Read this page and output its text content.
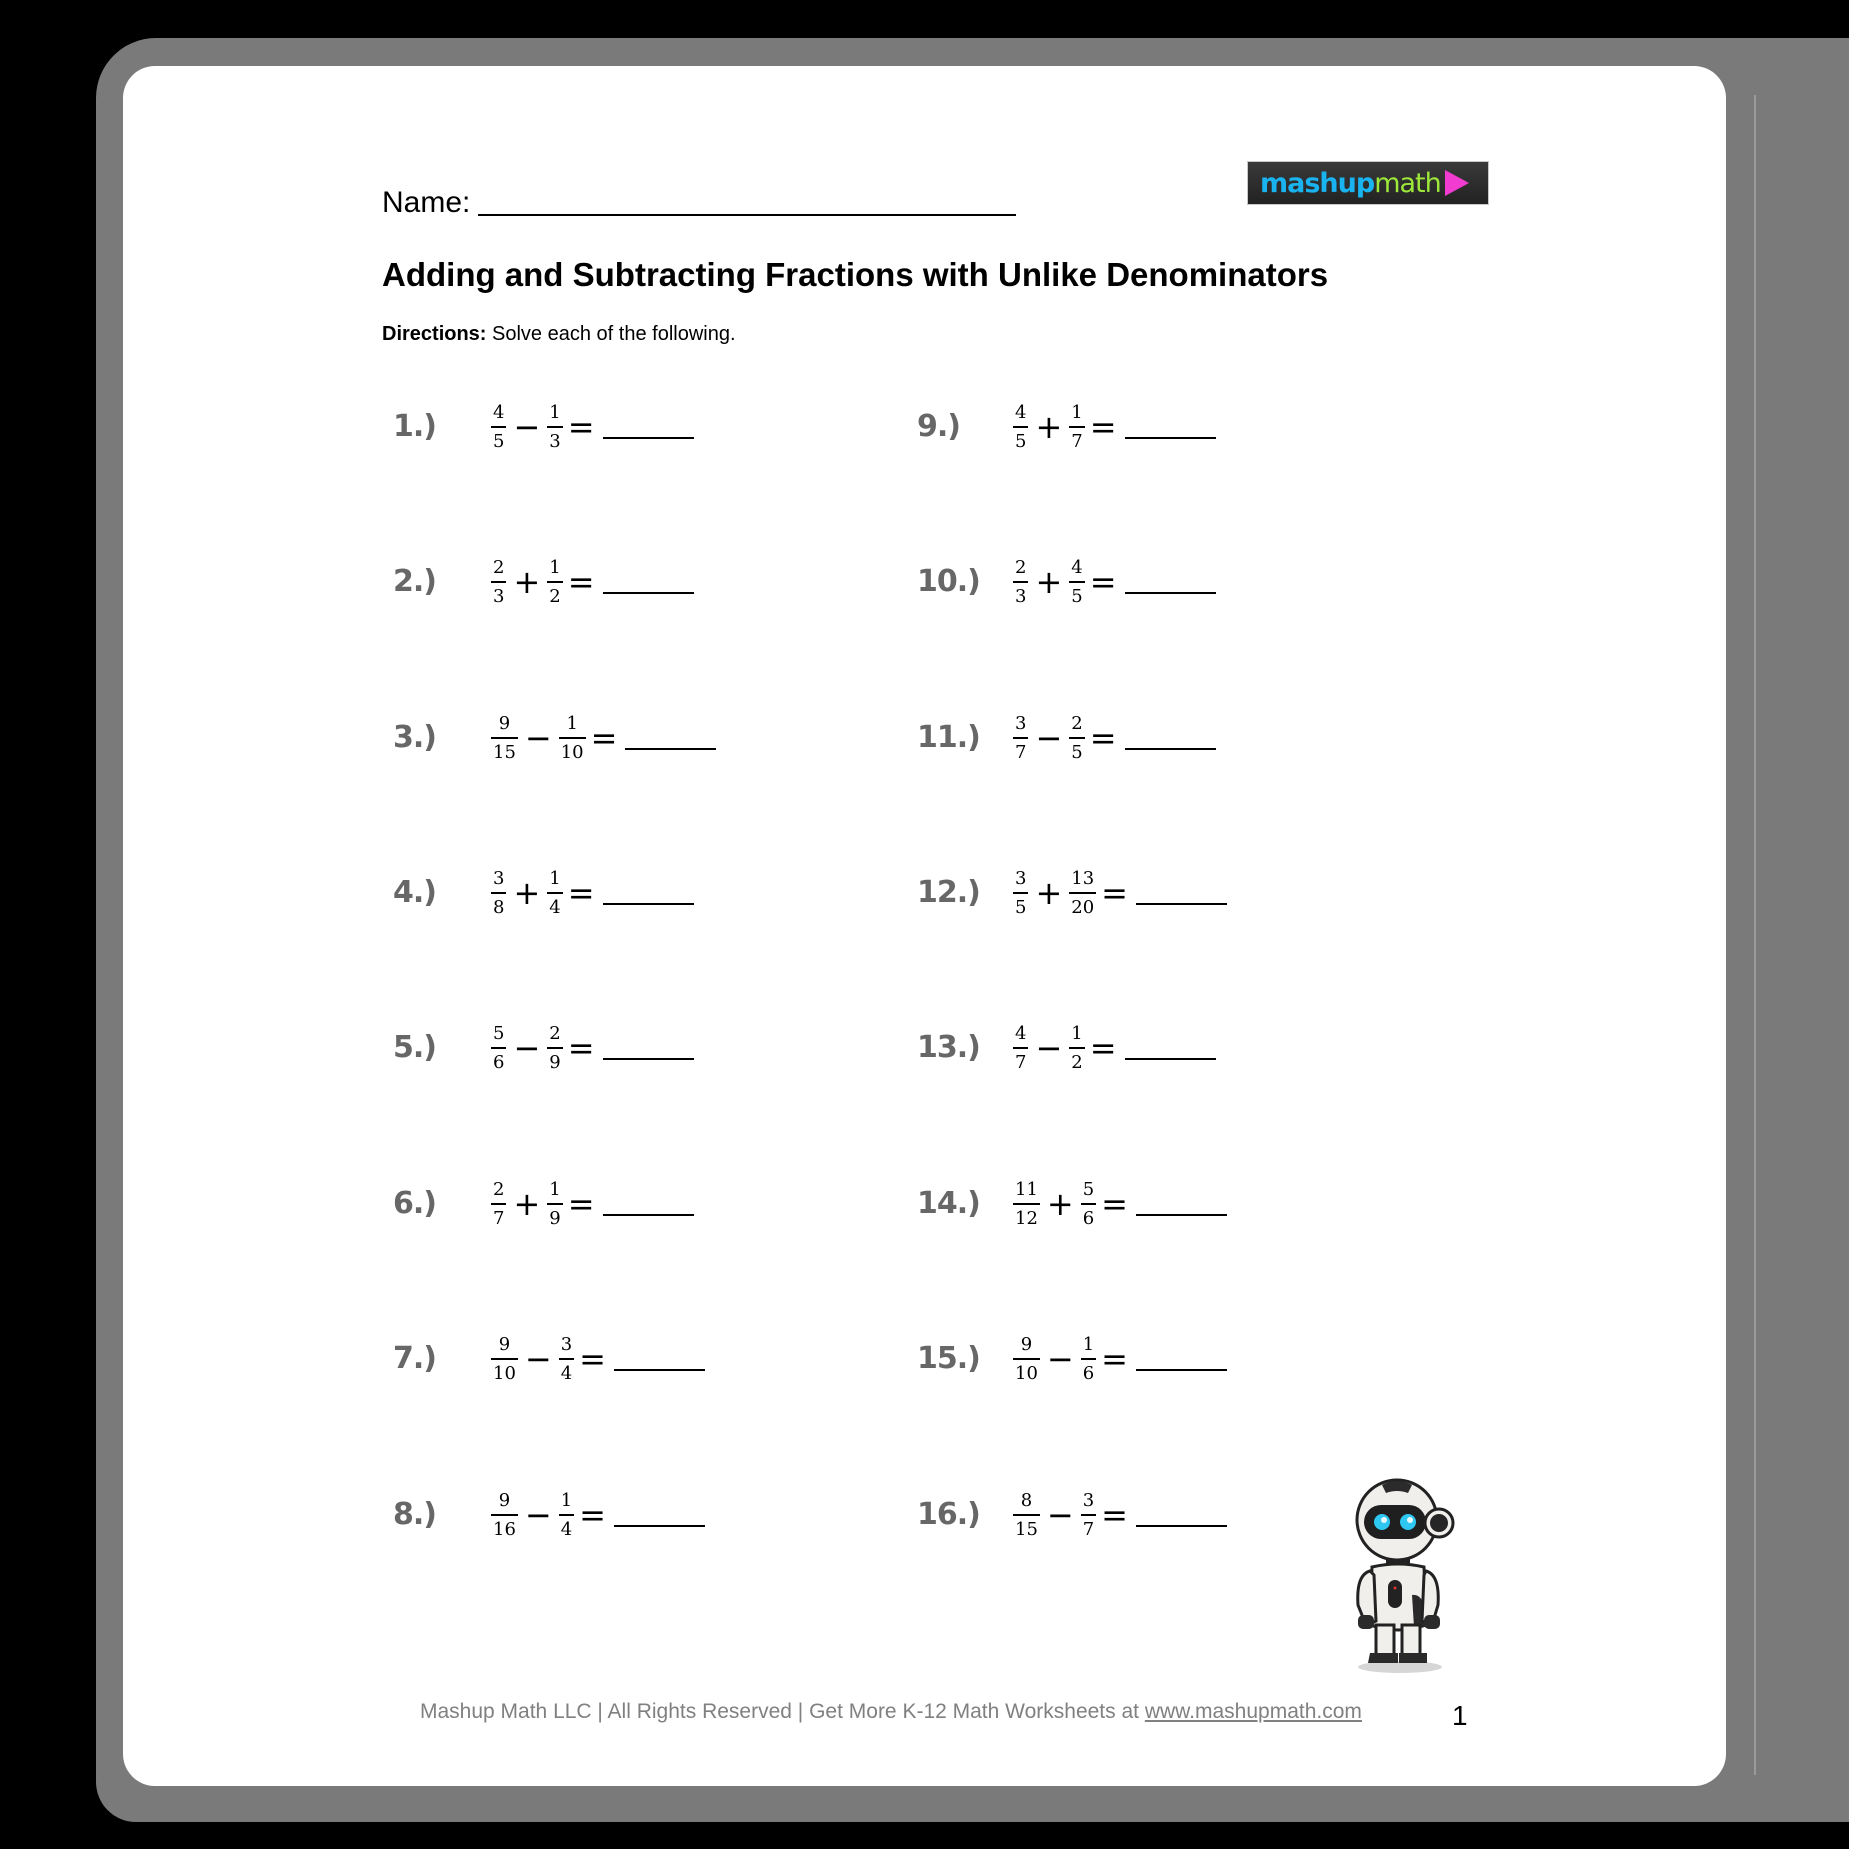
Name:
mashup math
Adding and Subtracting Fractions with Unlike Denominators
Directions: Solve each of the following.
1.)	$\frac{4}{5} - \frac{1}{3}$ =
2.)	$\frac{2}{3} + \frac{1}{2}$ =
3.)	$\frac{9}{15} - \frac{1}{10}$ =
4.)	$\frac{3}{8} + \frac{1}{4}$ =
5.)	$\frac{5}{6} - \frac{2}{9}$ =
6.)	$\frac{2}{7} + \frac{1}{9}$ =
7.)	$\frac{9}{10} - \frac{3}{4}$ =
8.)	$\frac{9}{16} - \frac{1}{4}$ =
9.)	$\frac{4}{5} + \frac{1}{7}$ =
$10.) \frac{2}{3} + \frac{4}{5}$ =
$11.) \frac{3}{7} - \frac{2}{5}$ =
$12.) \frac{3}{5} + \frac{13}{20}$ =
$13.) \frac{4}{7} - \frac{1}{2}$ =
$14.) \frac{11}{12} + \frac{5}{6}$ =
$15.) \frac{9}{10} - \frac{1}{6}$ =
$16.) \frac{8}{15} - \frac{3}{7}$ =
Mashup Math LLC | All Rights Reserved | Get More K-12 Math Worksheets at www.mashupmath.com	1
